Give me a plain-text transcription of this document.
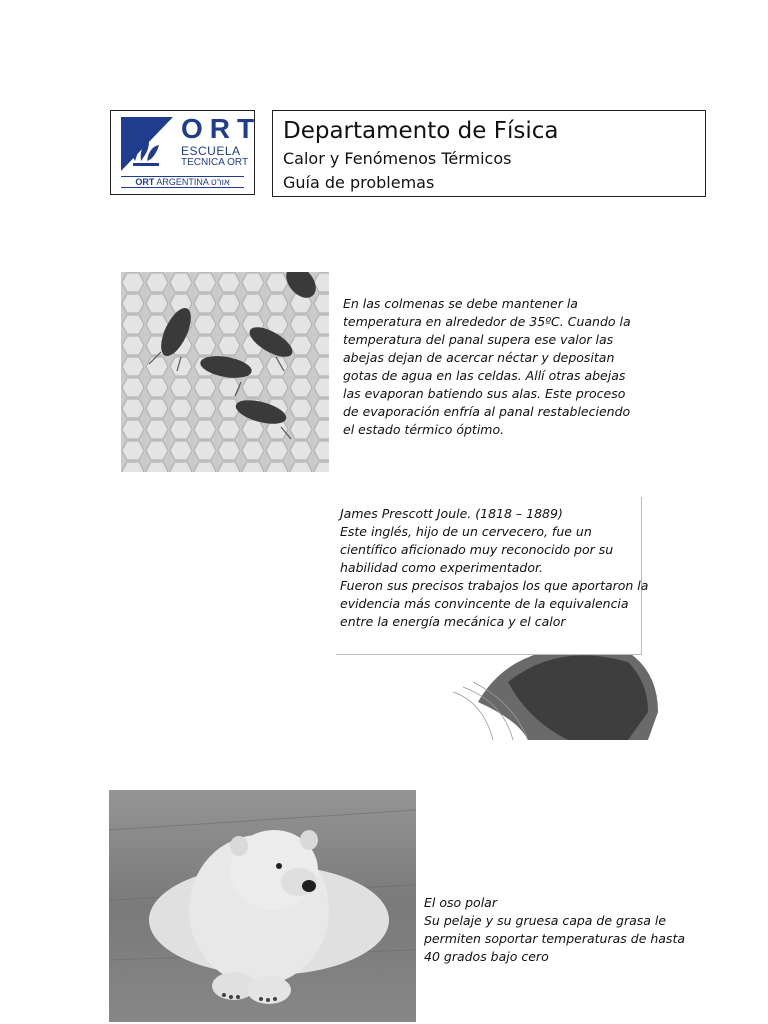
ORT
ESCUELA
TECNICA ORT
ORT ARGENTINA אורט
Departamento de Física
Calor y Fenómenos Térmicos
Guía de problemas
En las colmenas se debe mantener la
temperatura en alrededor de 35ºC. Cuando la
temperatura del panal supera ese valor las
abejas dejan de acercar néctar y depositan
gotas de agua en las celdas. Allí otras abejas
las evaporan batiendo sus alas. Este proceso
de evaporación enfría al panal restableciendo
el estado térmico óptimo.
James Prescott Joule. (1818 – 1889)
Este inglés, hijo de un cervecero, fue un
científico aficionado muy reconocido por su
habilidad como experimentador.
Fueron sus precisos trabajos los que aportaron la
evidencia más convincente de la equivalencia
entre la energía mecánica y el calor
El oso polar
Su pelaje y su gruesa capa de grasa le
permiten soportar temperaturas de hasta
40 grados bajo cero
